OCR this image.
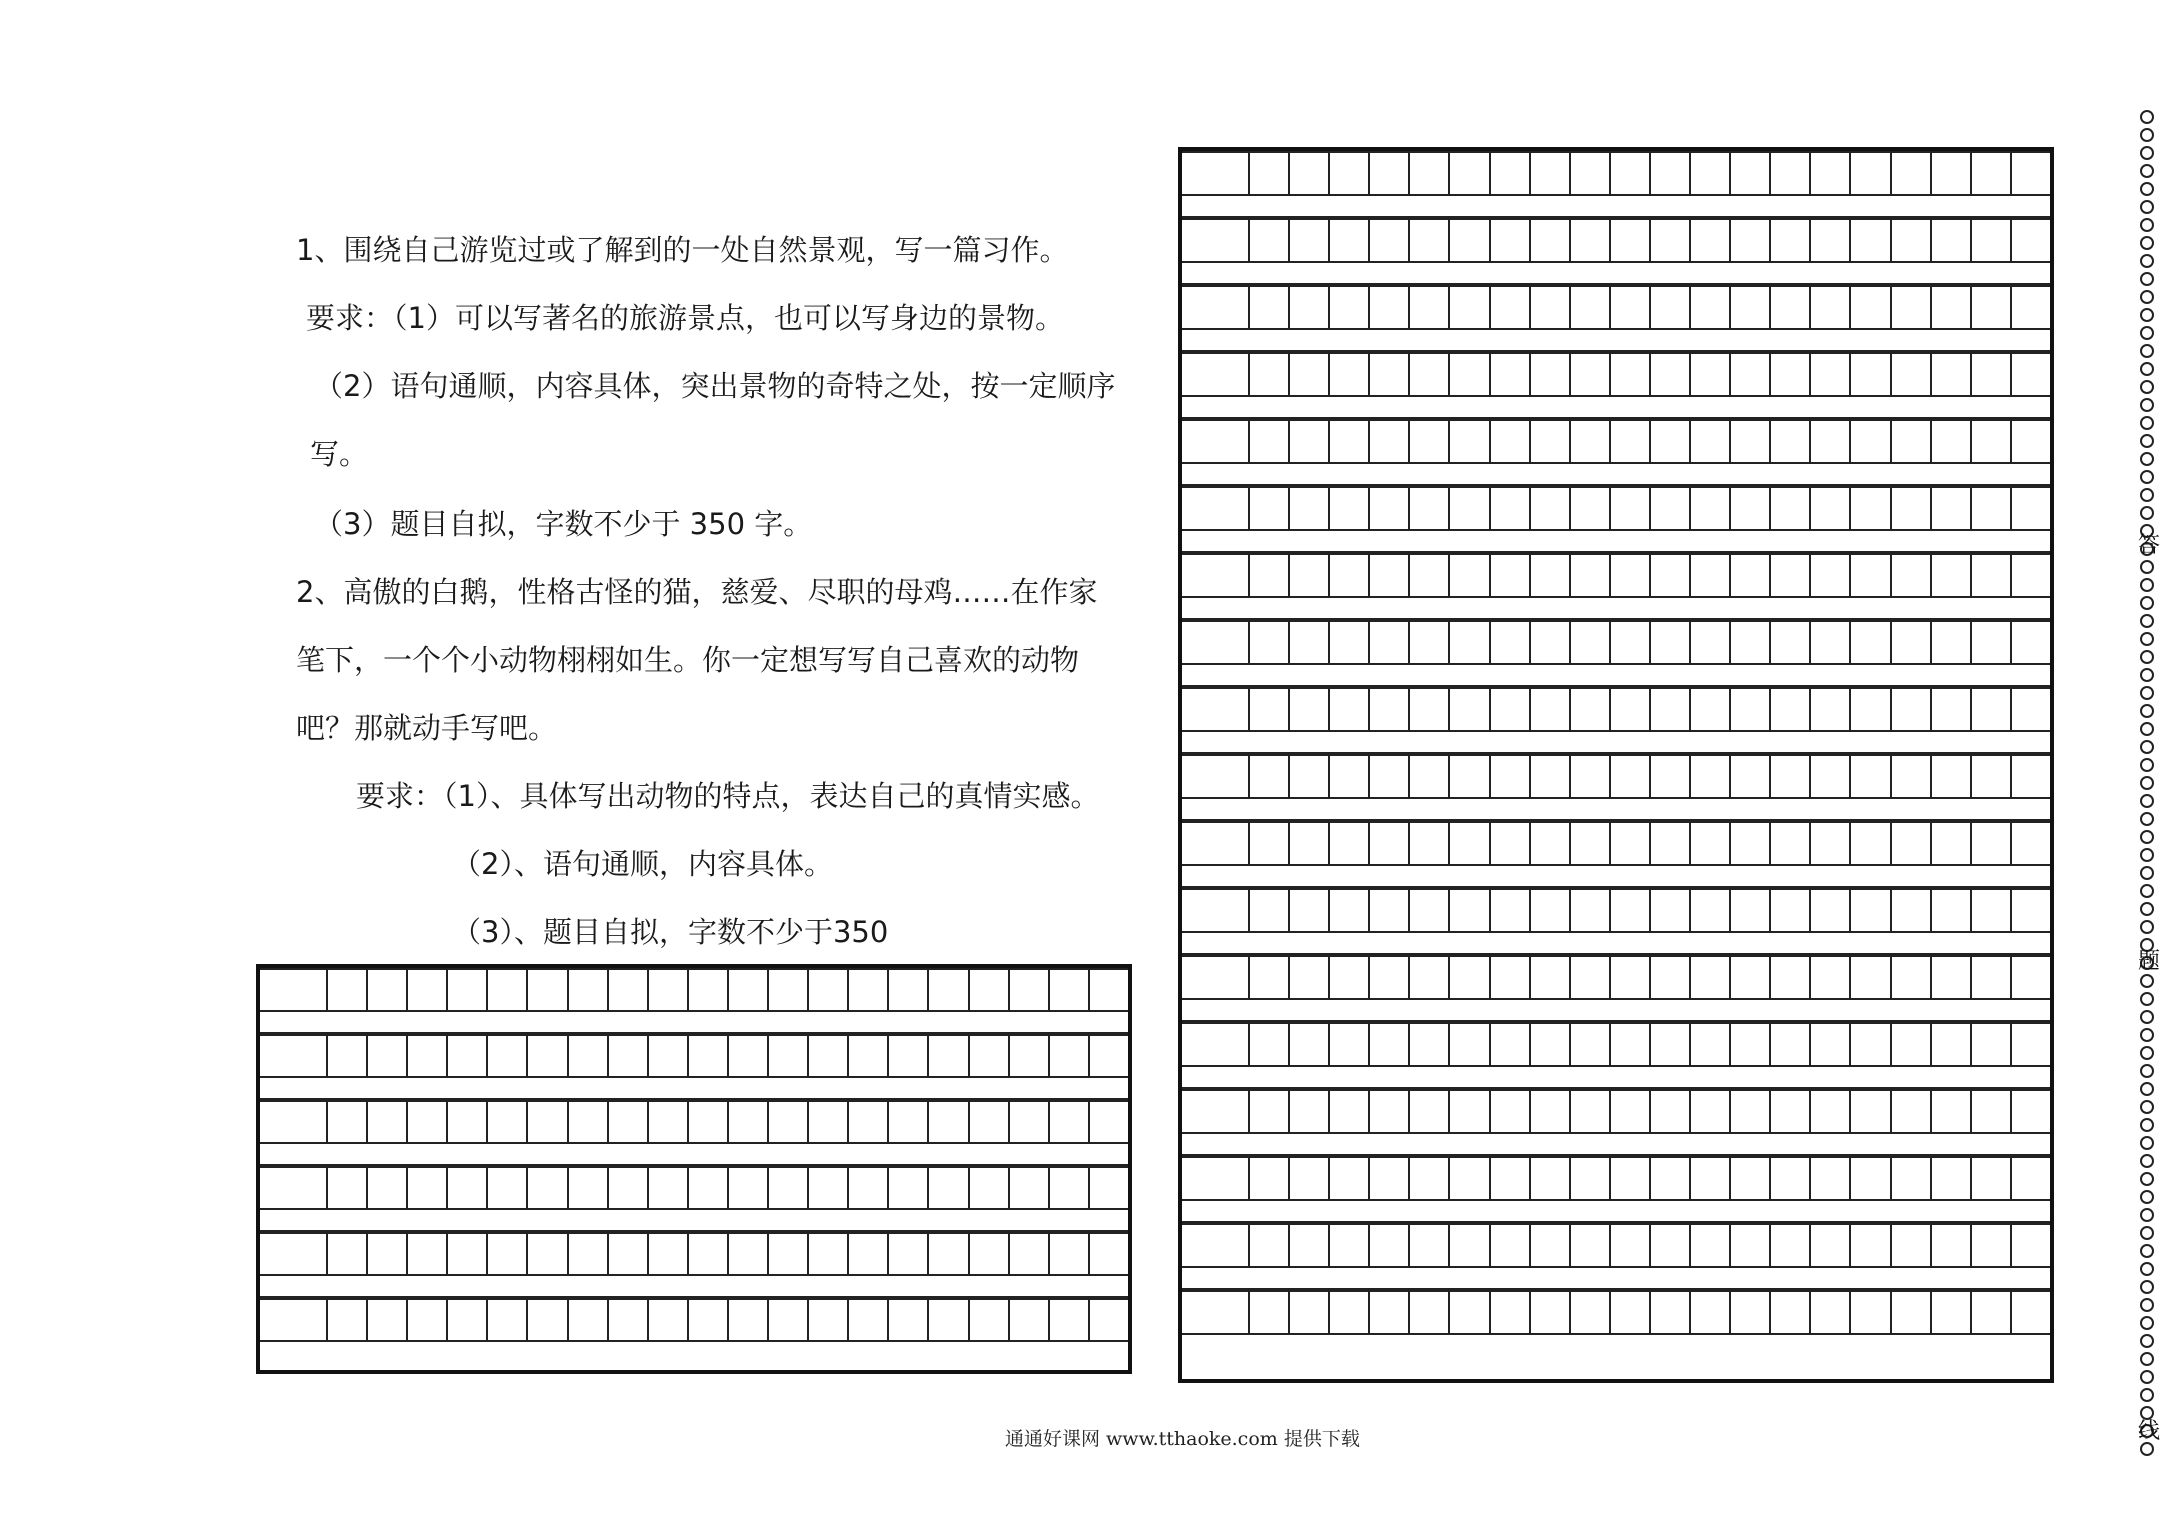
1、围绕自己游览过或了解到的一处自然景观，写一篇习作。
要求：（1）可以写著名的旅游景点，也可以写身边的景物。
（2）语句通顺，内容具体，突出景物的奇特之处，按一定顺序
写。
（3）题目自拟，字数不少于 350 字。
2、高傲的白鹅，性格古怪的猫，慈爱、尽职的母鸡……在作家
笔下，一个个小动物栩栩如生。你一定想写写自己喜欢的动物
吧？那就动手写吧。
要求：（1）、具体写出动物的特点，表达自己的真情实感。
（2）、语句通顺，内容具体。
（3）、题目自拟，字数不少于350
答
题
线
通通好课网 www.tthaoke.com 提供下载
